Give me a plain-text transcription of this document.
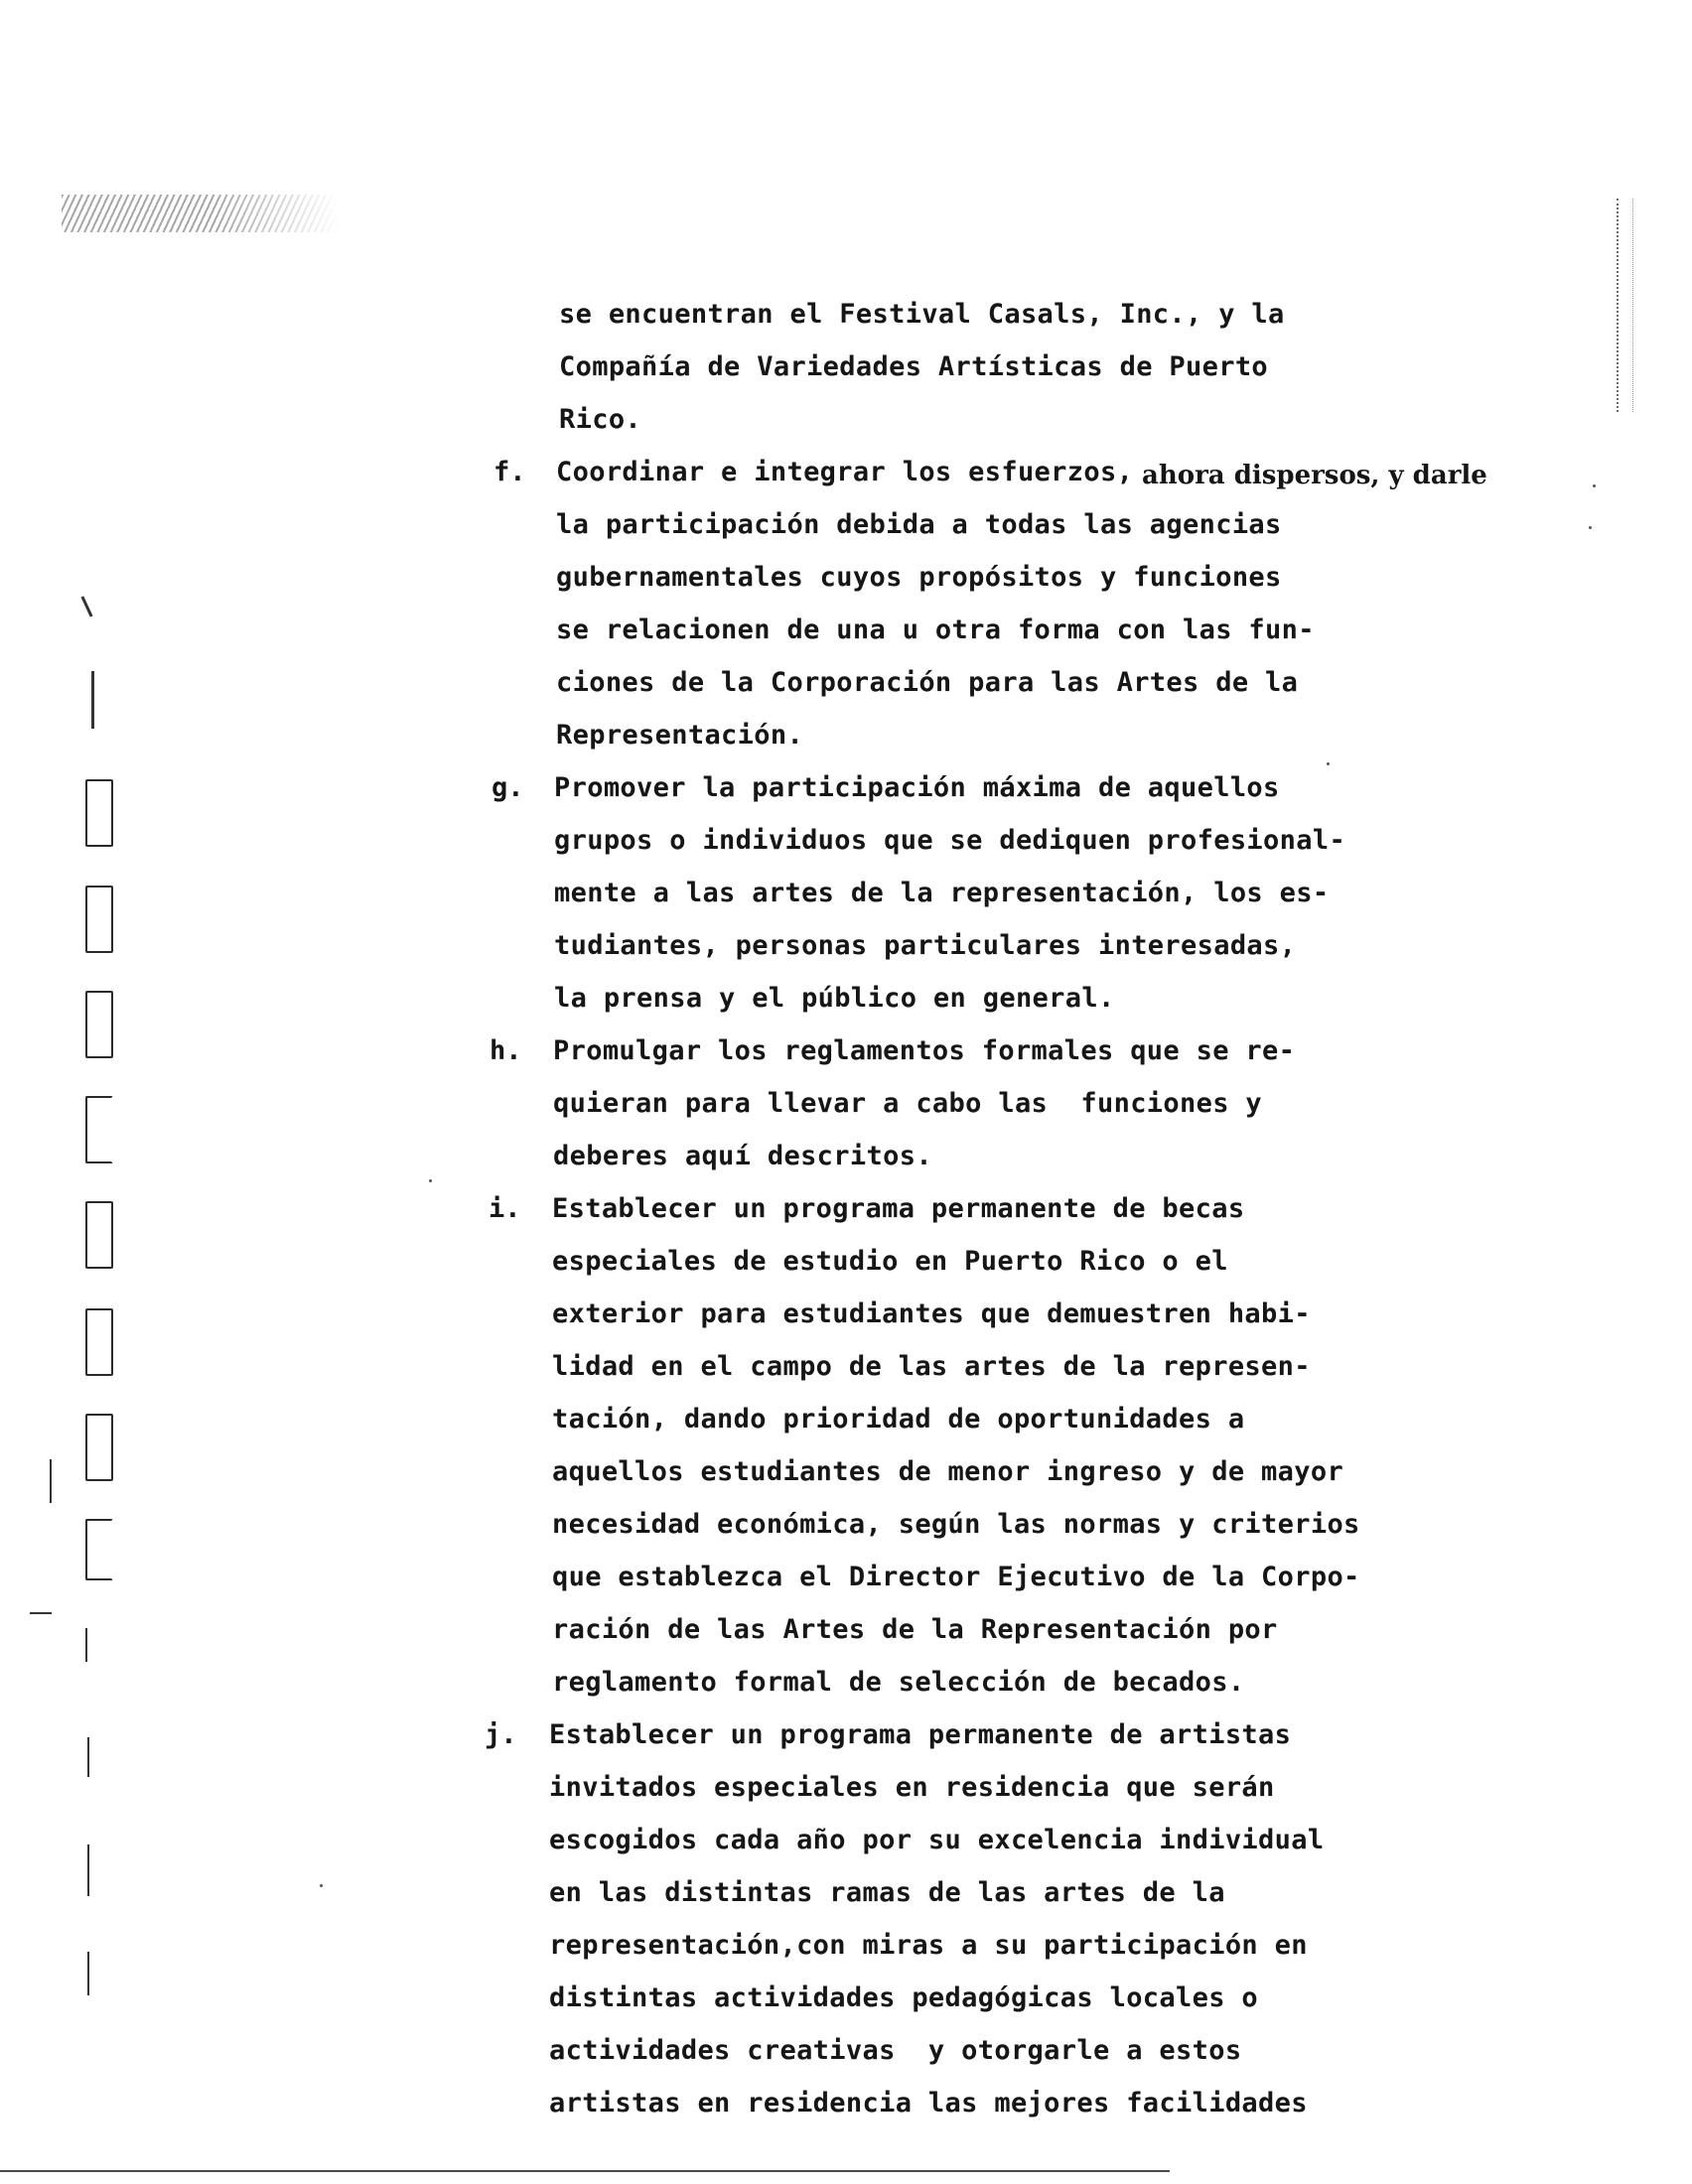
se encuentran el Festival Casals, Inc., y la
Compañía de Variedades Artísticas de Puerto
Rico.
f. Coordinar e integrar los esfuerzos, ahora dispersos, y darle
la participación debida a todas las agencias
gubernamentales cuyos propósitos y funciones
se relacionen de una u otra forma con las fun-
ciones de la Corporación para las Artes de la
Representación.
g. Promover la participación máxima de aquellos
grupos o individuos que se dediquen profesional-
mente a las artes de la representación, los es-
tudiantes, personas particulares interesadas,
la prensa y el público en general.
h. Promulgar los reglamentos formales que se re-
quieran para llevar a cabo las  funciones y
deberes aquí descritos.
i. Establecer un programa permanente de becas
especiales de estudio en Puerto Rico o el
exterior para estudiantes que demuestren habi-
lidad en el campo de las artes de la represen-
tación, dando prioridad de oportunidades a
aquellos estudiantes de menor ingreso y de mayor
necesidad económica, según las normas y criterios
que establezca el Director Ejecutivo de la Corpo-
ración de las Artes de la Representación por
reglamento formal de selección de becados.
j. Establecer un programa permanente de artistas
invitados especiales en residencia que serán
escogidos cada año por su excelencia individual
en las distintas ramas de las artes de la
representación,con miras a su participación en
distintas actividades pedagógicas locales o
actividades creativas  y otorgarle a estos
artistas en residencia las mejores facilidades
